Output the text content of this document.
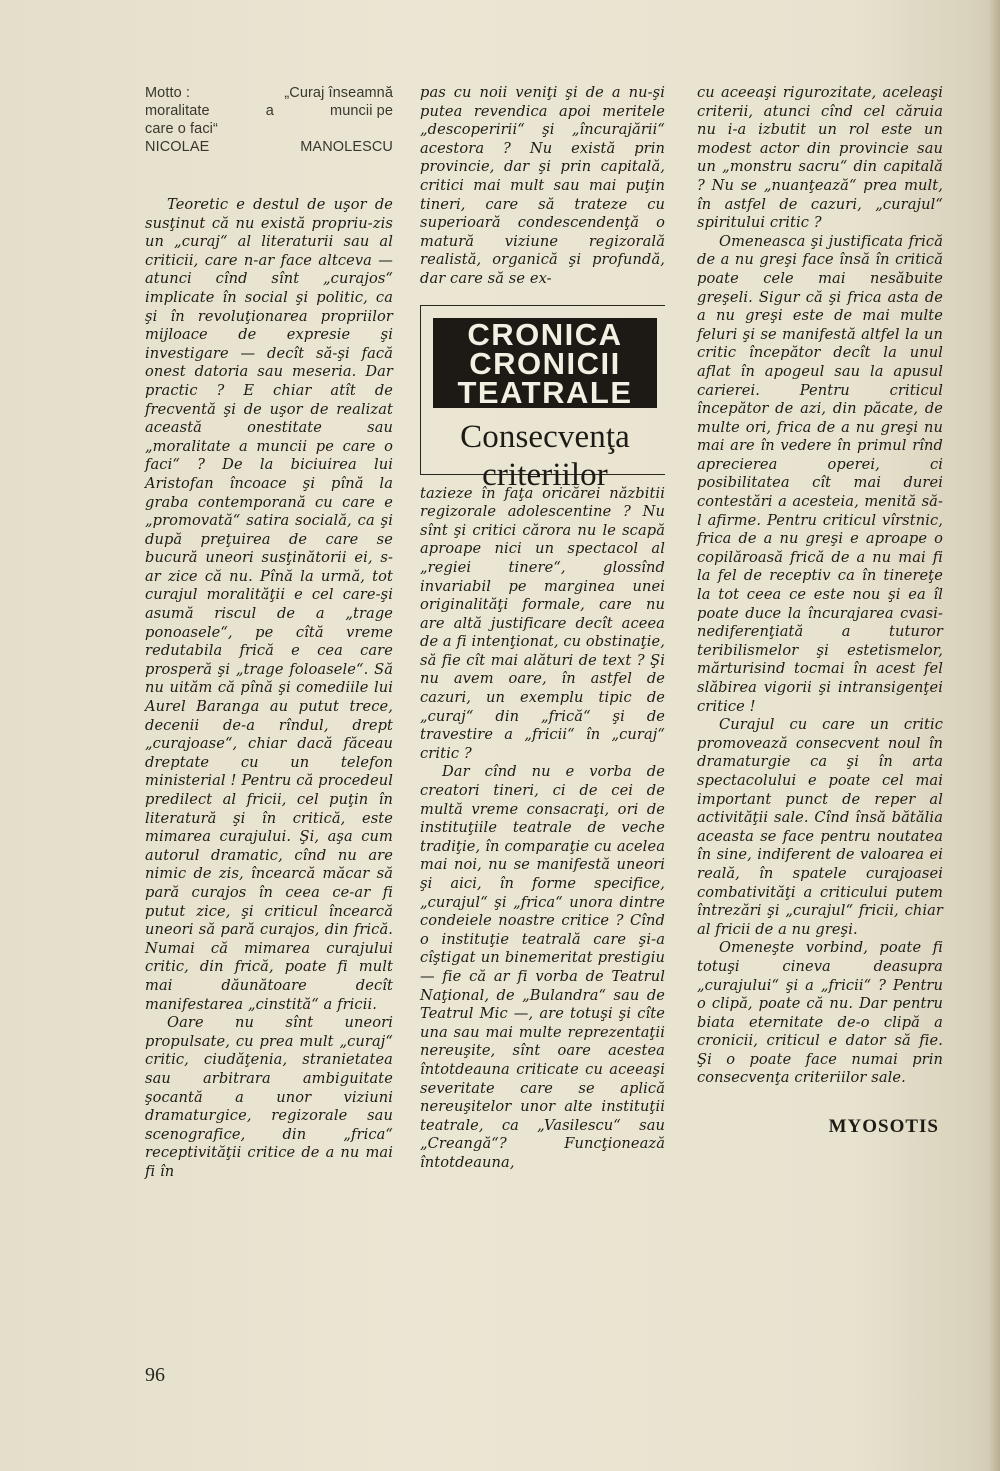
Motto :	„Curaj înseamnă
moralitate	a	muncii pe
care o faci“
NICOLAE	MANOLESCU

Teoretic e destul de uşor de susţinut că nu există propriu-zis un „curaj“ al literaturii sau al criticii, care n-ar face altceva — atunci cînd sînt „curajos“ implicate în social şi politic, ca şi în revoluţionarea propriilor mijloace de expresie şi investigare — decît să-şi facă onest datoria sau meseria. Dar practic ? E chiar atît de frecventă şi de uşor de realizat această onestitate sau „moralitate a muncii pe care o faci“ ? De la biciuirea lui Aristofan încoace şi pînă la graba contemporană cu care e „promovată“ satira socială, ca şi după preţuirea de care se bucură uneori susţinătorii ei, s-ar zice că nu. Pînă la urmă, tot curajul moralităţii e cel care-şi asumă riscul de a „trage ponoasele“, pe cîtă vreme redutabila frică e cea care prosperă şi „trage foloasele“. Să nu uităm că pînă şi comediile lui Aurel Baranga au putut trece, decenii de-a rîndul, drept „curajoase“, chiar dacă făceau dreptate cu un telefon ministerial ! Pentru că procedeul predilect al fricii, cel puţin în literatură şi în critică, este mimarea curajului. Şi, aşa cum autorul dramatic, cînd nu are nimic de zis, încearcă măcar să pară curajos în ceea ce-ar fi putut zice, şi criticul încearcă uneori să pară curajos, din frică. Numai că mimarea curajului critic, din frică, poate fi mult mai dăunătoare decît manifestarea „cinstită“ a fricii.

Oare nu sînt uneori propulsate, cu prea mult „curaj“ critic, ciudăţenia, stranietatea sau arbitrara ambiguitate şocantă a unor viziuni dramaturgice, regizorale sau scenografice, din „frica“ receptivităţii critice de a nu mai fi în

pas cu noii veniţi şi de a nu-şi putea revendica apoi meritele „descoperirii“ şi „încurajării“ acestora ? Nu există prin provincie, dar şi prin capitală, critici mai mult sau mai puţin tineri, care să trateze cu superioară condescendenţă o matură viziune regizorală realistă, organică şi profundă, dar care să se ex-

CRONICA
CRONICII
TEATRALE
Consecvenţa criteriilor

tazieze în faţa oricărei năzbitii regizorale adolescentine ? Nu sînt şi critici cărora nu le scapă aproape nici un spectacol al „regiei tinere“, glossînd invariabil pe marginea unei originalităţi formale, care nu are altă justificare decît aceea de a fi intenţionat, cu obstinaţie, să fie cît mai alături de text ? Şi nu avem oare, în astfel de cazuri, un exemplu tipic de „curaj“ din „frică“ şi de travestire a „fricii“ în „curaj“ critic ?

Dar cînd nu e vorba de creatori tineri, ci de cei de multă vreme consacraţi, ori de instituţiile teatrale de veche tradiţie, în comparaţie cu acelea mai noi, nu se manifestă uneori şi aici, în forme specifice, „curajul“ şi „frica“ unora dintre condeiele noastre critice ? Cînd o instituţie teatrală care şi-a cîştigat un binemeritat prestigiu — fie că ar fi vorba de Teatrul Naţional, de „Bulandra“ sau de Teatrul Mic —, are totuşi şi cîte una sau mai multe reprezentaţii nereuşite, sînt oare acestea întotdeauna criticate cu aceeaşi severitate care se aplică nereuşitelor unor alte instituţii teatrale, ca „Vasilescu“ sau „Creangă“? Funcţionează întotdeauna,

cu aceeaşi rigurozitate, aceleaşi criterii, atunci cînd cel căruia nu i-a izbutit un rol este un modest actor din provincie sau un „monstru sacru“ din capitală ? Nu se „nuanţează“ prea mult, în astfel de cazuri, „curajul“ spiritului critic ?

Omeneasca şi justificata frică de a nu greşi face însă în critică poate cele mai nesăbuite greşeli. Sigur că şi frica asta de a nu greşi este de mai multe feluri şi se manifestă altfel la un critic începător decît la unul aflat în apogeul sau la apusul carierei. Pentru criticul începător de azi, din păcate, de multe ori, frica de a nu greşi nu mai are în vedere în primul rînd aprecierea operei, ci posibilitatea cît mai durei contestări a acesteia, menită să-l afirme. Pentru criticul vîrstnic, frica de a nu greşi e aproape o copilăroasă frică de a nu mai fi la fel de receptiv ca în tinereţe la tot ceea ce este nou şi ea îl poate duce la încurajarea cvasi-nediferenţiată a tuturor teribilismelor şi estetismelor, mărturisind tocmai în acest fel slăbirea vigorii şi intransigenţei critice !

Curajul cu care un critic promovează consecvent noul în dramaturgie ca şi în arta spectacolului e poate cel mai important punct de reper al activităţii sale. Cînd însă bătălia aceasta se face pentru noutatea în sine, indiferent de valoarea ei reală, în spatele curajoasei combativităţi a criticului putem întrezări şi „curajul“ fricii, chiar al fricii de a nu greşi.

Omeneşte vorbind, poate fi totuşi cineva deasupra „curajului“ şi a „fricii“ ? Pentru o clipă, poate că nu. Dar pentru biata eternitate de-o clipă a cronicii, criticul e dator să fie. Şi o poate face numai prin consecvenţa criteriilor sale.

MYOSOTIS
96
